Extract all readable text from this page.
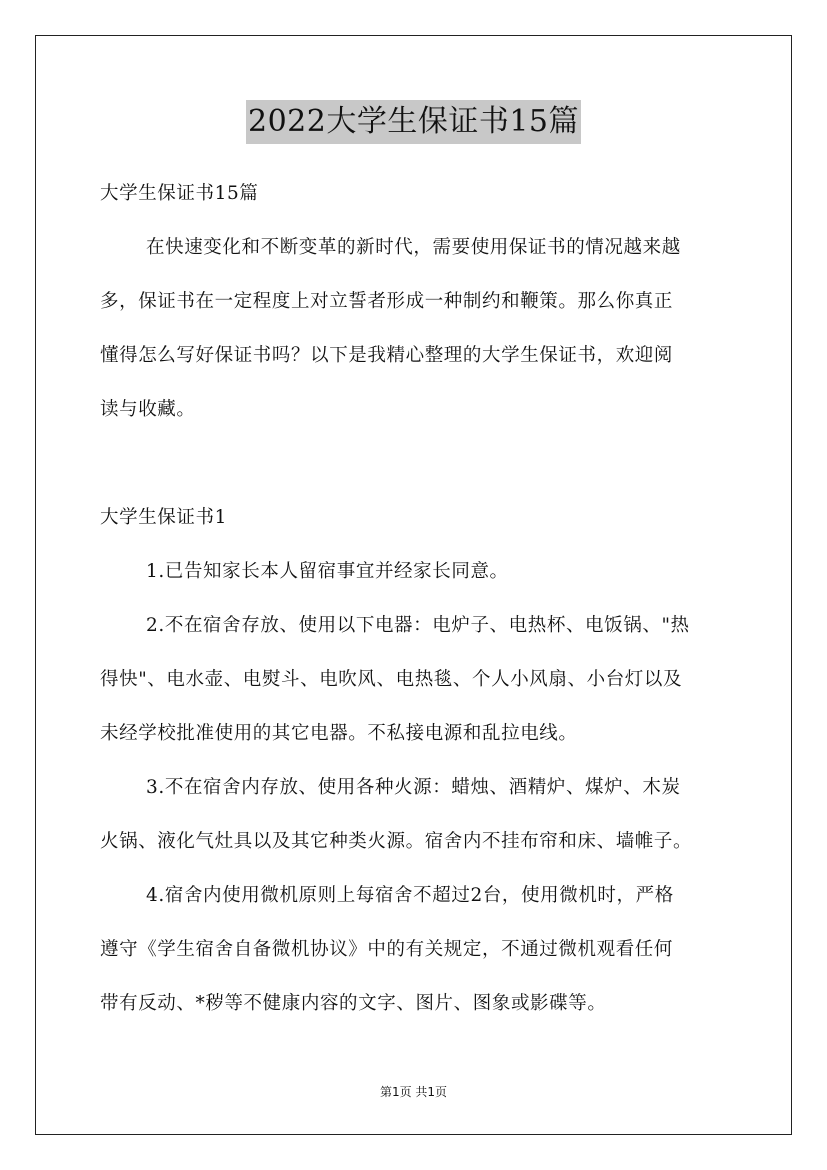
2022大学生保证书15篇
大学生保证书15篇
在快速变化和不断变革的新时代，需要使用保证书的情况越来越
多，保证书在一定程度上对立誓者形成一种制约和鞭策。那么你真正
懂得怎么写好保证书吗？以下是我精心整理的大学生保证书，欢迎阅
读与收藏。
大学生保证书1
1.已告知家长本人留宿事宜并经家长同意。
2.不在宿舍存放、使用以下电器：电炉子、电热杯、电饭锅、"热
得快"、电水壶、电熨斗、电吹风、电热毯、个人小风扇、小台灯以及
未经学校批准使用的其它电器。不私接电源和乱拉电线。
3.不在宿舍内存放、使用各种火源：蜡烛、酒精炉、煤炉、木炭
火锅、液化气灶具以及其它种类火源。宿舍内不挂布帘和床、墙帷子。
4.宿舍内使用微机原则上每宿舍不超过2台，使用微机时，严格
遵守《学生宿舍自备微机协议》中的有关规定，不通过微机观看任何
带有反动、*秽等不健康内容的文字、图片、图象或影碟等。
第1页 共1页
